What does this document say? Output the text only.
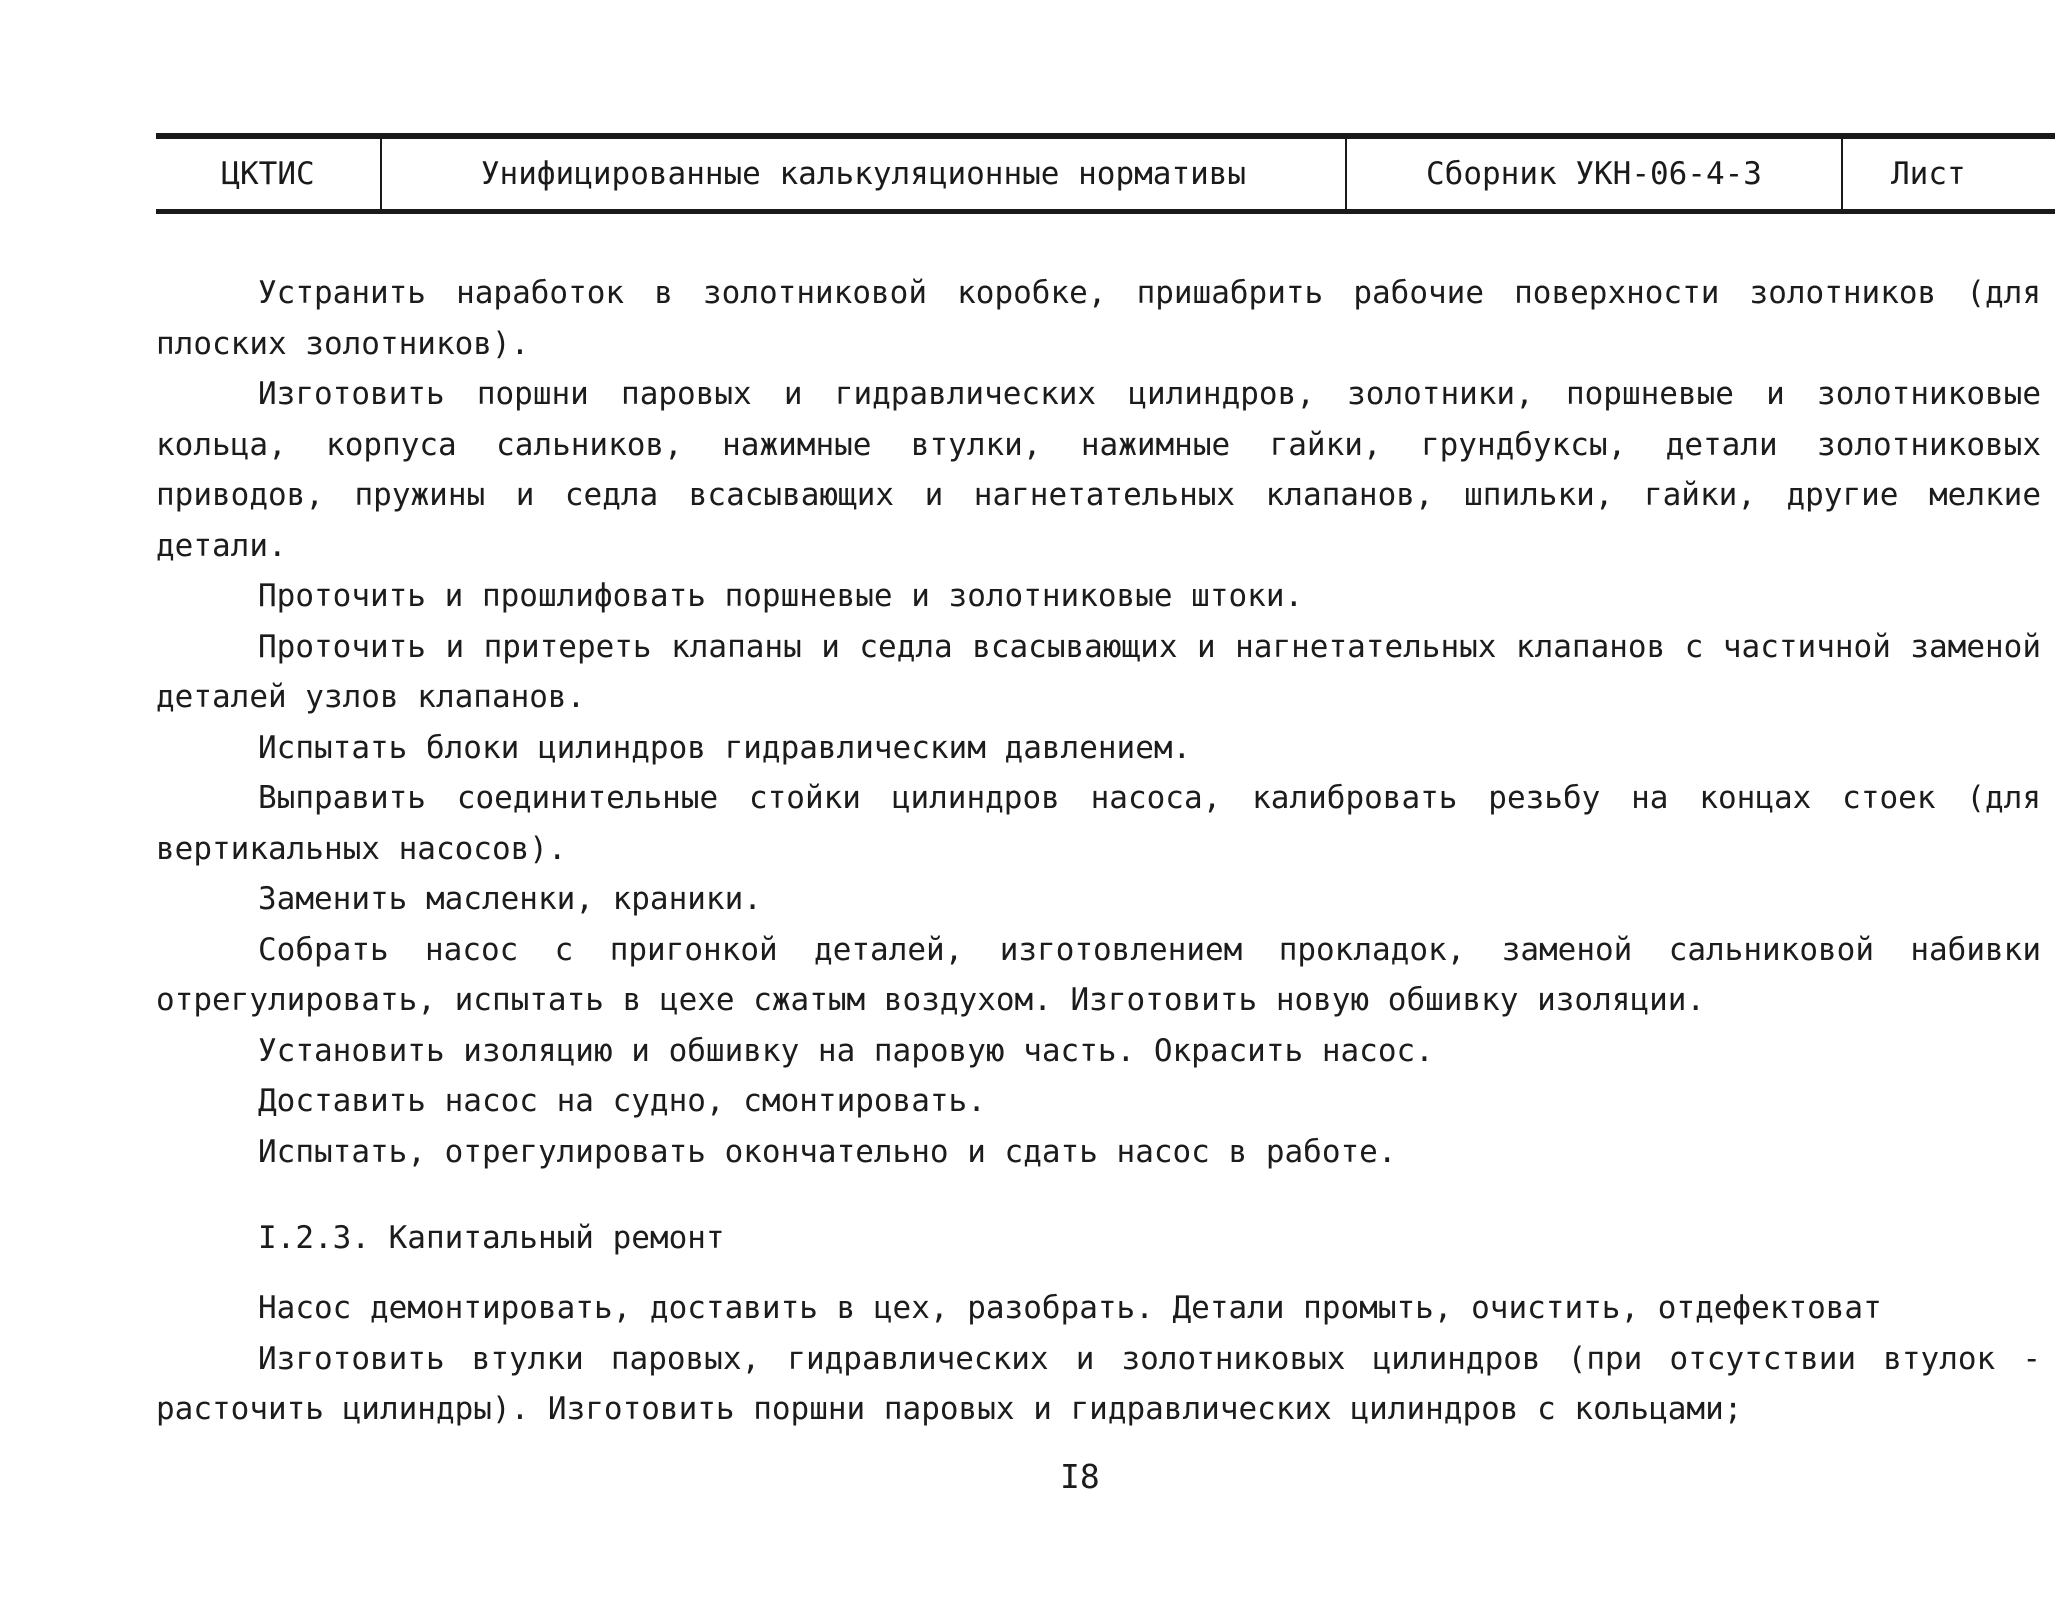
ЦКТИС	Унифицированные калькуляционные нормативы	Сборник УКН-06-4-3	Лист

Устранить наработок в золотниковой коробке, пришабрить рабочие поверхности золотников (для плоских золотников).

Изготовить поршни паровых и гидравлических цилиндров, золотники, поршневые и золотниковые кольца, корпуса сальников, нажимные втулки, нажимные гайки, грундбуксы, детали золотниковых приводов, пружины и седла всасывающих и нагнетательных клапанов, шпильки, гайки, другие мелкие детали.

Проточить и прошлифовать поршневые и золотниковые штоки.

Проточить и притереть клапаны и седла всасывающих и нагнетательных клапанов с частичной заменой деталей узлов клапанов.

Испытать блоки цилиндров гидравлическим давлением.

Выправить соединительные стойки цилиндров насоса, калибровать резьбу на концах стоек (для вертикальных насосов).

Заменить масленки, краники.

Собрать насос с пригонкой деталей, изготовлением прокладок, заменой сальниковой набивки отрегулировать, испытать в цехе сжатым воздухом. Изготовить новую обшивку изоляции.

Установить изоляцию и обшивку на паровую часть. Окрасить насос.

Доставить насос на судно, смонтировать.

Испытать, отрегулировать окончательно и сдать насос в работе.

I.2.3. Капитальный ремонт

Насос демонтировать, доставить в цех, разобрать. Детали промыть, очистить, отдефектоват

Изготовить втулки паровых, гидравлических и золотниковых цилиндров (при отсутствии втулок - расточить цилиндры). Изготовить поршни паровых и гидравлических цилиндров с кольцами;

I8
